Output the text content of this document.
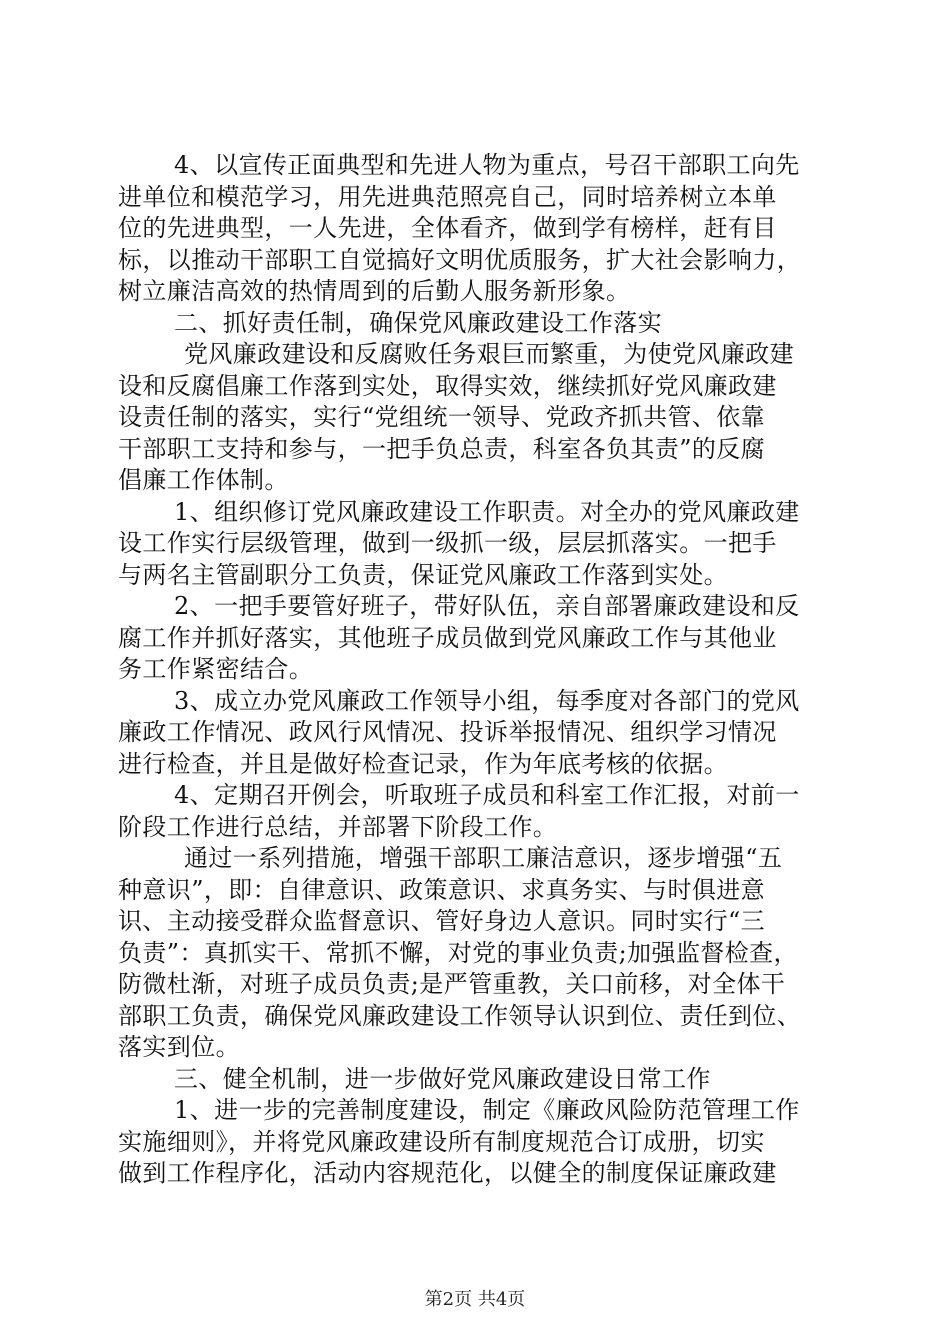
4、以宣传正面典型和先进人物为重点，号召干部职工向先
进单位和模范学习，用先进典范照亮自己，同时培养树立本单
位的先进典型，一人先进，全体看齐，做到学有榜样，赶有目
标，以推动干部职工自觉搞好文明优质服务，扩大社会影响力，
树立廉洁高效的热情周到的后勤人服务新形象。
二、抓好责任制，确保党风廉政建设工作落实
党风廉政建设和反腐败任务艰巨而繁重，为使党风廉政建
设和反腐倡廉工作落到实处，取得实效，继续抓好党风廉政建
设责任制的落实，实行“党组统一领导、党政齐抓共管、依靠
干部职工支持和参与，一把手负总责，科室各负其责”的反腐
倡廉工作体制。
1、组织修订党风廉政建设工作职责。对全办的党风廉政建
设工作实行层级管理，做到一级抓一级，层层抓落实。一把手
与两名主管副职分工负责，保证党风廉政工作落到实处。
2、一把手要管好班子，带好队伍，亲自部署廉政建设和反
腐工作并抓好落实，其他班子成员做到党风廉政工作与其他业
务工作紧密结合。
3、成立办党风廉政工作领导小组，每季度对各部门的党风
廉政工作情况、政风行风情况、投诉举报情况、组织学习情况
进行检查，并且是做好检查记录，作为年底考核的依据。
4、定期召开例会，听取班子成员和科室工作汇报，对前一
阶段工作进行总结，并部署下阶段工作。
通过一系列措施，增强干部职工廉洁意识，逐步增强“五
种意识”，即：自律意识、政策意识、求真务实、与时俱进意
识、主动接受群众监督意识、管好身边人意识。同时实行“三
负责”：真抓实干、常抓不懈，对党的事业负责;加强监督检查，
防微杜渐，对班子成员负责;是严管重教，关口前移，对全体干
部职工负责，确保党风廉政建设工作领导认识到位、责任到位、
落实到位。
三、健全机制，进一步做好党风廉政建设日常工作
1、进一步的完善制度建设，制定《廉政风险防范管理工作
实施细则》，并将党风廉政建设所有制度规范合订成册，切实
做到工作程序化，活动内容规范化，以健全的制度保证廉政建
第2页 共4页
